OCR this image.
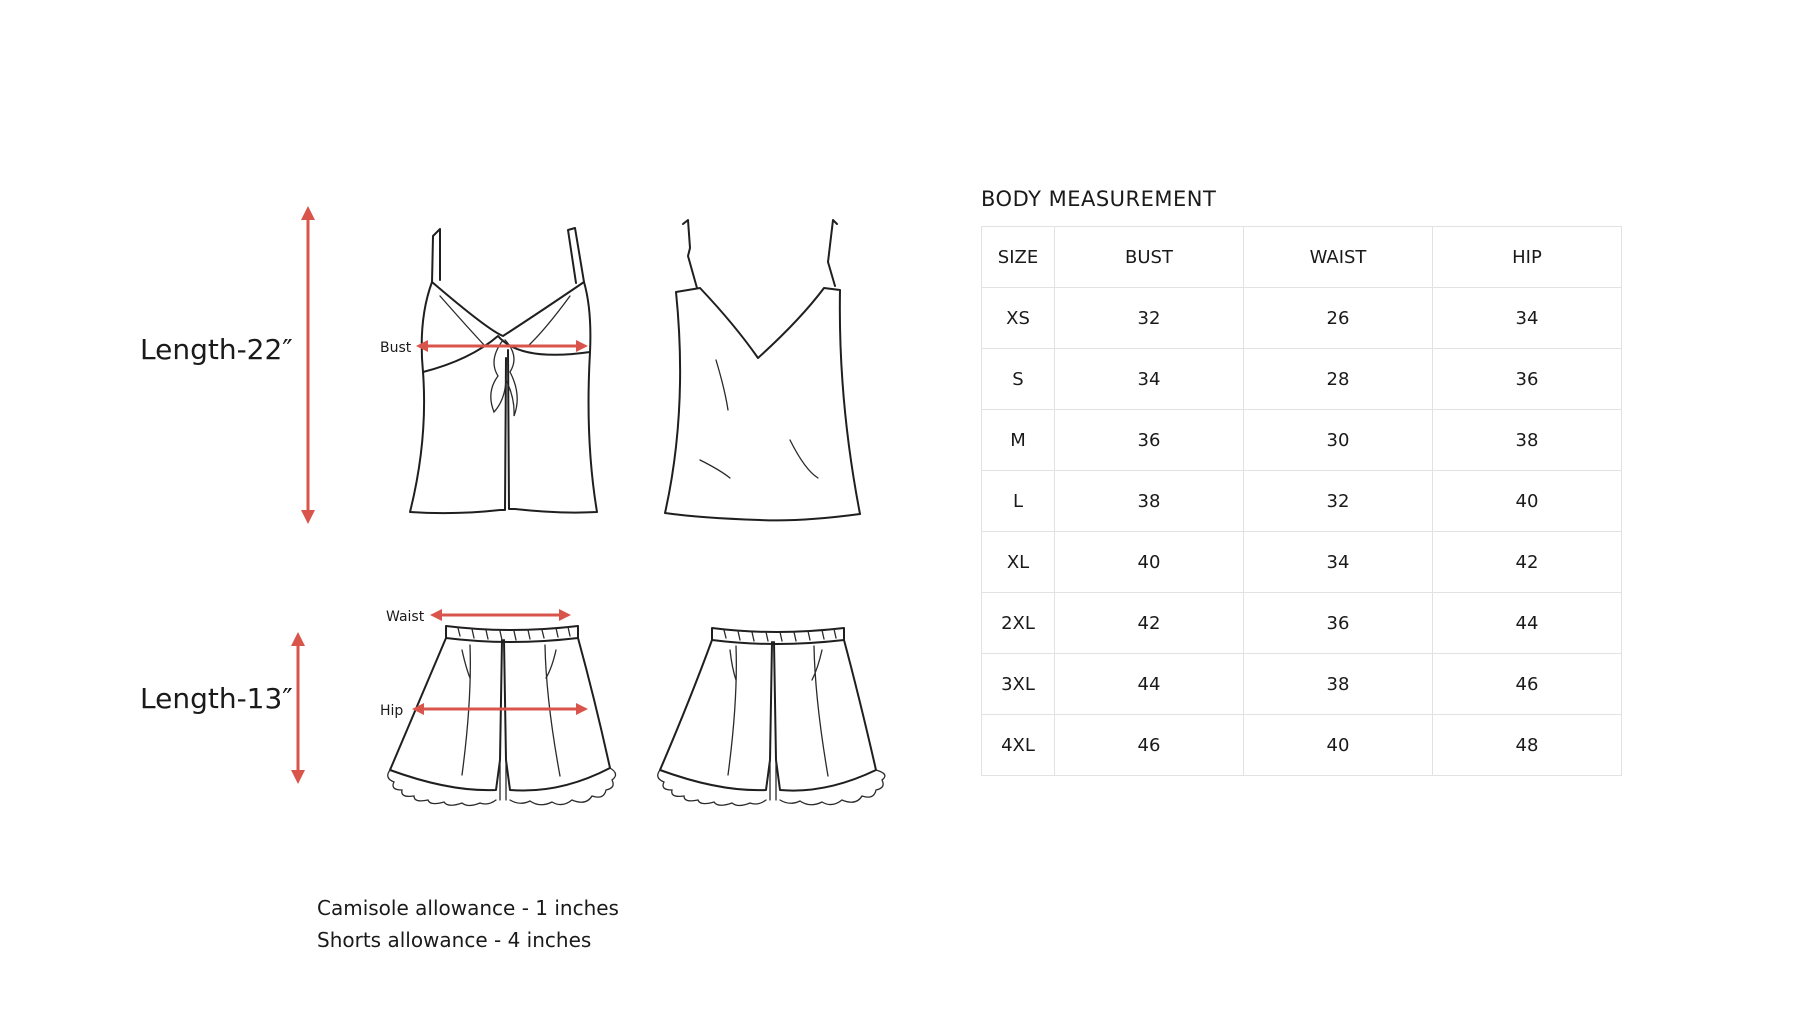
Length-22″
Length-13″
Bust
Waist
Hip
BODY MEASUREMENT
SIZE	BUST	WAIST	HIP
XS	32	26	34
S	34	28	36
M	36	30	38
L	38	32	40
XL	40	34	42
2XL	42	36	44
3XL	44	38	46
4XL	46	40	48
Camisole allowance - 1 inches
Shorts allowance - 4 inches
